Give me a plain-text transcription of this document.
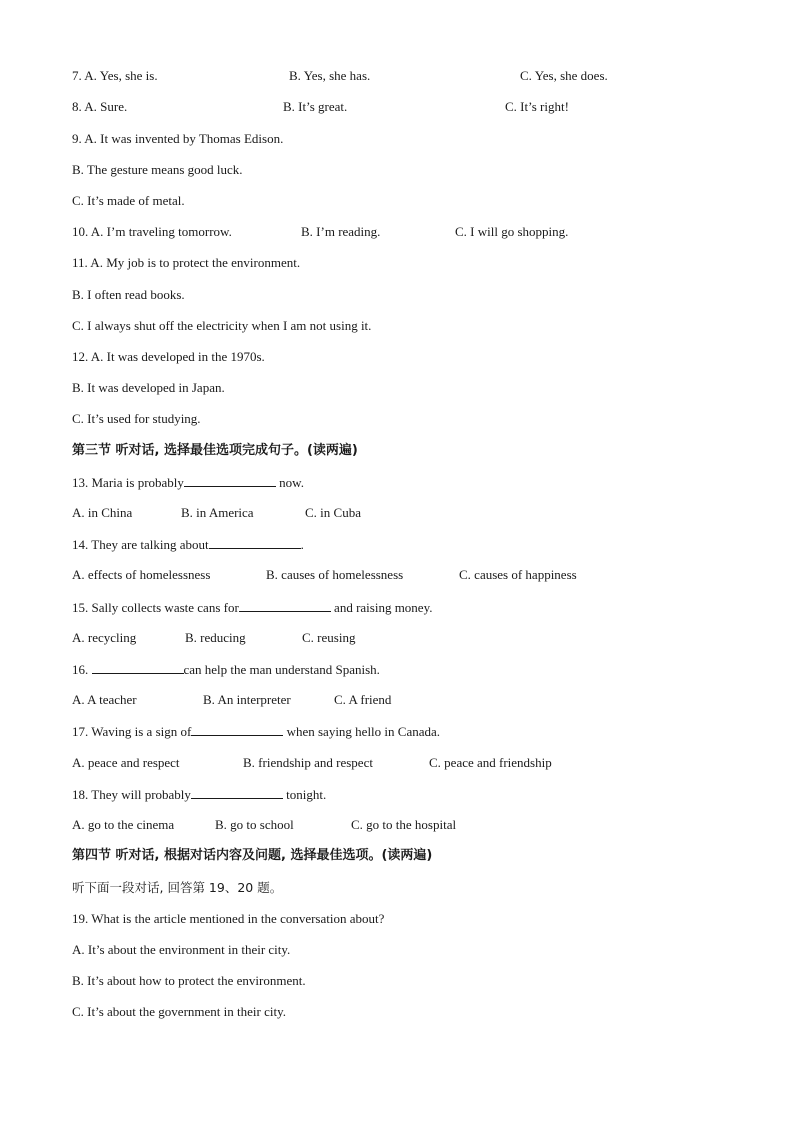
7. A. Yes, she is.	B. Yes, she has.	C. Yes, she does.
8. A. Sure.	B. It’s great.	C. It’s right!
9. A. It was invented by Thomas Edison.
B. The gesture means good luck.
C. It’s made of metal.
10. A. I’m traveling tomorrow.	B. I’m reading.	C. I will go shopping.
11. A. My job is to protect the environment.
B. I often read books.
C. I always shut off the electricity when I am not using it.
12. A. It was developed in the 1970s.
B. It was developed in Japan.
C. It’s used for studying.
第三节 听对话, 选择最佳选项完成句子。(读两遍)
13. Maria is probably	now.
A. in China	B. in America	C. in Cuba
14. They are talking about	.
A. effects of homelessness	B. causes of homelessness	C. causes of happiness
15. Sally collects waste cans for	and raising money.
A. recycling	B. reducing	C. reusing
16.	can help the man understand Spanish.
A. A teacher	B. An interpreter	C. A friend
17. Waving is a sign of	when saying hello in Canada.
A. peace and respect	B. friendship and respect	C. peace and friendship
18. They will probably	tonight.
A. go to the cinema	B. go to school	C. go to the hospital
第四节 听对话, 根据对话内容及问题, 选择最佳选项。(读两遍)
听下面一段对话, 回答第 19、20 题。
19. What is the article mentioned in the conversation about?
A. It’s about the environment in their city.
B. It’s about how to protect the environment.
C. It’s about the government in their city.
